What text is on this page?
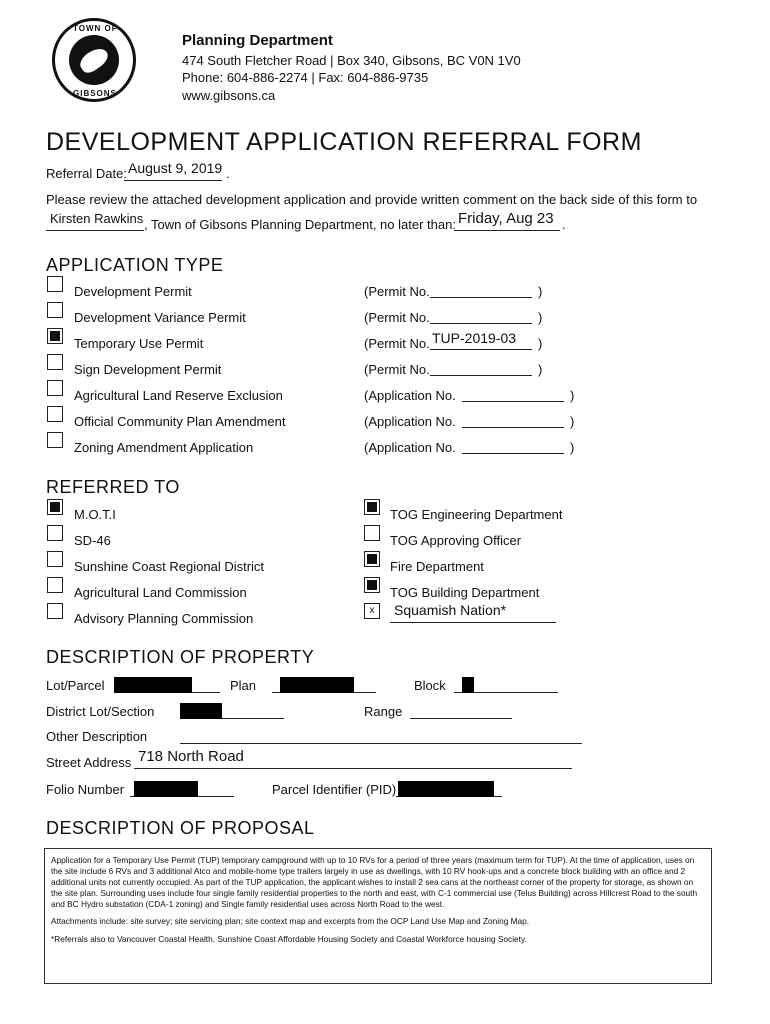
TOWN OF
GIBSONS
Planning Department
474 South Fletcher Road | Box 340, Gibsons, BC V0N 1V0
Phone: 604-886-2274 | Fax: 604-886-9735
www.gibsons.ca
DEVELOPMENT APPLICATION REFERRAL FORM
Referral Date: August 9, 2019 .
Please review the attached development application and provide written comment on the back side of this form to
Kirsten Rawkins , Town of Gibsons Planning Department, no later than: Friday, Aug 23 .
APPLICATION TYPE
Development Permit	(Permit No.	)
Development Variance Permit	(Permit No.	)
Temporary Use Permit	(Permit No. TUP-2019-03 )
Sign Development Permit	(Permit No.	)
Agricultural Land Reserve Exclusion	(Application No.	)
Official Community Plan Amendment	(Application No.	)
Zoning Amendment Application	(Application No.	)
REFERRED TO
M.O.T.I
SD-46
Sunshine Coast Regional District
Agricultural Land Commission
Advisory Planning Commission
TOG Engineering Department
TOG Approving Officer
Fire Department
TOG Building Department
x	Squamish Nation*
DESCRIPTION OF PROPERTY
Lot/Parcel	Plan	Block
District Lot/Section	Range
Other Description
Street Address 718 North Road
Folio Number	Parcel Identifier (PID)
DESCRIPTION OF PROPOSAL

Application for a Temporary Use Permit (TUP) temporary campground with up to 10 RVs for a period of three years (maximum term for TUP). At the time of application, uses on the site include 6 RVs and 3 additional Atco and mobile-home type trailers largely in use as dwellings, with 10 RV hook-ups and a concrete block building with an office and 2 additional units not currently occupied. As part of the TUP application, the applicant wishes to install 2 sea cans at the northeast corner of the property for storage, as shown on the site plan. Surrounding uses include four single family residential properties to the north and east, with C-1 commercial use (Telus Building) across Hillcrest Road to the south and BC Hydro substation (CDA-1 zoning) and Single family residential uses across North Road to the west.

Attachments include: site survey; site servicing plan; site context map and excerpts from the OCP Land Use Map and Zoning Map.

*Referrals also to Vancouver Coastal Health, Sunshine Coast Affordable Housing Society and Coastal Workforce housing Society.
